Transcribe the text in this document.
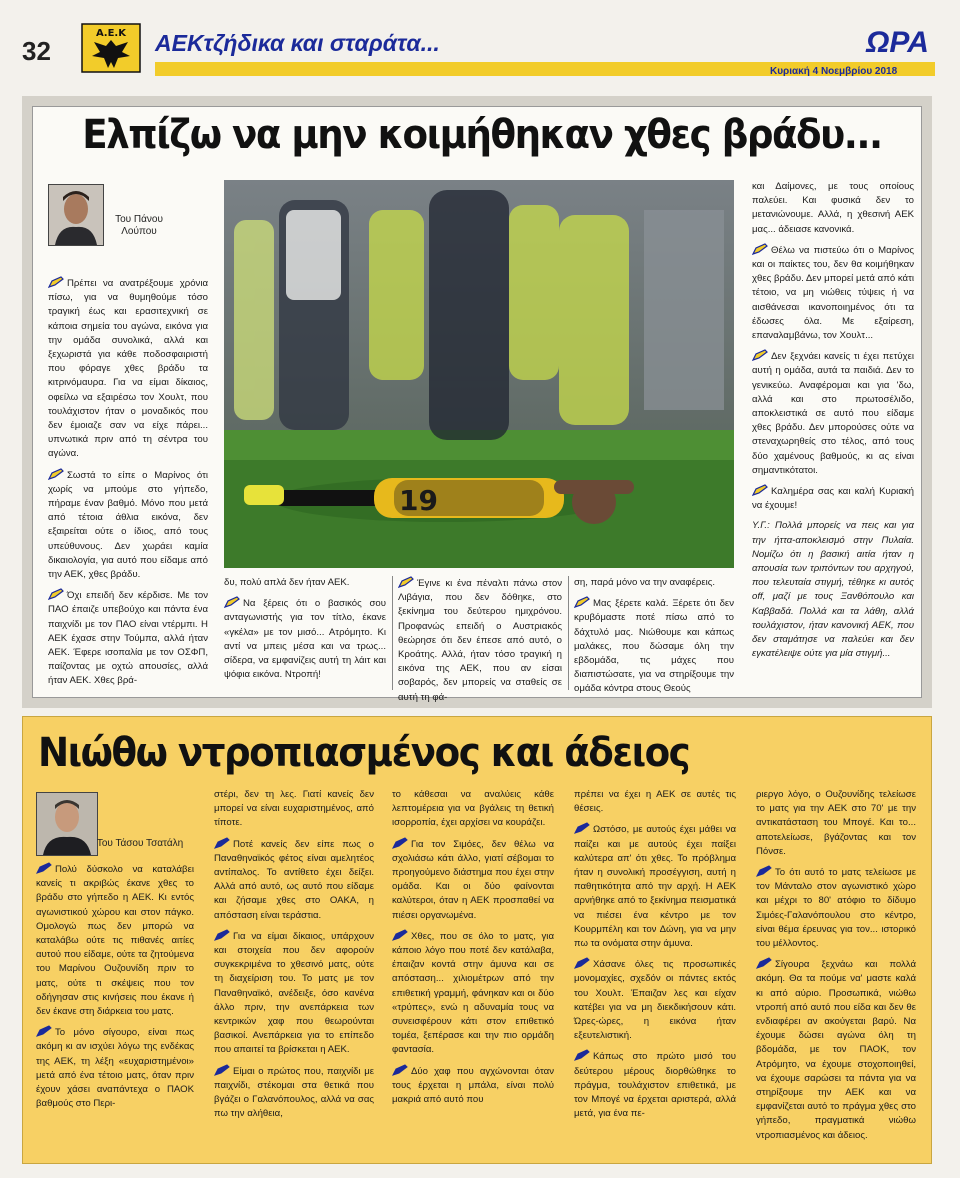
32
Α.Ε.Κ ΑΕΚτζήδικα και σταράτα...	ΩΡΑ
Κυριακή 4 Νοεμβρίου 2018
Ελπίζω να μην κοιμήθηκαν χθες βράδυ...
Του Πάνου Λούπου

Πρέπει να ανατρέξουμε χρόνια πίσω, για να θυμηθούμε τόσο τραγική έως και ερασιτεχνική σε κάποια σημεία του αγώνα, εικόνα για την ομάδα συνολικά, αλλά και ξεχωριστά για κάθε ποδοσφαιριστή που φόραγε χθες βράδυ τα κιτρινόμαυρα. Για να είμαι δίκαιος, οφείλω να εξαιρέσω τον Χουλτ, που τουλάχιστον ήταν ο μοναδικός που δεν έμοιαζε σαν να είχε πάρει... υπνωτικά πριν από τη σέντρα του αγώνα.

Σωστά το είπε ο Μαρίνος ότι χωρίς να μπούμε στο γήπεδο, πήραμε έναν βαθμό. Μόνο που μετά από τέτοια άθλια εικόνα, δεν εξαιρείται ούτε ο ίδιος, από τους υπεύθυνους. Δεν χωράει καμία δικαιολογία, για αυτό που είδαμε από την ΑΕΚ, χθες βράδυ.

Όχι επειδή δεν κέρδισε. Με τον ΠΑΟ έπαιζε υπεβούχο και πάντα ένα παιχνίδι με τον ΠΑΟ είναι ντέρμπι. Η ΑΕΚ έχασε στην Τούμπα, αλλά ήταν ΑΕΚ. Έφερε ισοπαλία με τον ΟΣΦΠ, παίζοντας με οχτώ απουσίες, αλλά ήταν ΑΕΚ. Χθες βρά-

19

δυ, πολύ απλά δεν ήταν ΑΕΚ.

Να ξέρεις ότι ο βασικός σου ανταγωνιστής για τον τίτλο, έκανε «γκέλα» με τον μισό... Ατρόμητο. Κι αντί να μπεις μέσα και να τρως... σίδερα, να εμφανίζεις αυτή τη λάιτ και ψόφια εικόνα. Ντροπή!

Έγινε κι ένα πέναλτι πάνω στον Λιβάγια, που δεν δόθηκε, στο ξεκίνημα του δεύτερου ημιχρόνου. Προφανώς επειδή ο Αυστριακός θεώρησε ότι δεν έπεσε από αυτό, ο Κροάτης. Αλλά, ήταν τόσο τραγική η εικόνα της ΑΕΚ, που αν είσαι σοβαρός, δεν μπορείς να σταθείς σε αυτή τη φά-

ση, παρά μόνο να την αναφέρεις.

Μας ξέρετε καλά. Ξέρετε ότι δεν κρυβόμαστε ποτέ πίσω από το δάχτυλό μας. Νιώθουμε και κάπως μαλάκες, που δώσαμε όλη την εβδομάδα, τις μάχες που διαπιστώσατε, για να στηρίξουμε την ομάδα κόντρα στους Θεούς

και Δαίμονες, με τους οποίους παλεύει. Και φυσικά δεν το μετανιώνουμε. Αλλά, η χθεσινή ΑΕΚ μας... άδειασε κανονικά.

Θέλω να πιστεύω ότι ο Μαρίνος και οι παίκτες του, δεν θα κοιμήθηκαν χθες βράδυ. Δεν μπορεί μετά από κάτι τέτοιο, να μη νιώθεις τύψεις ή να αισθάνεσαι ικανοποιημένος ότι τα έδωσες όλα. Με εξαίρεση, επαναλαμβάνω, τον Χουλτ...

Δεν ξεχνάει κανείς τι έχει πετύχει αυτή η ομάδα, αυτά τα παιδιά. Δεν το γενικεύω. Αναφέρομαι και για 'δω, αλλά και στο πρωτοσέλιδο, αποκλειστικά σε αυτό που είδαμε χθες βράδυ. Δεν μπορούσες ούτε να στεναχωρηθείς στο τέλος, από τους δύο χαμένους βαθμούς, κι ας είναι σημαντικότατοι.

Καλημέρα σας και καλή Κυριακή να έχουμε!

Υ.Γ.: Πολλά μπορείς να πεις και για την ήττα-αποκλεισμό στην Πυλαία. Νομίζω ότι η βασική αιτία ήταν η απουσία των τριπόντων του αρχηγού, που τελευταία στιγμή, τέθηκε κι αυτός off, μαζί με τους Ξανθόπουλο και Καββαδά. Πολλά και τα λάθη, αλλά τουλάχιστον, ήταν κανονική ΑΕΚ, που δεν σταμάτησε να παλεύει και δεν εγκατέλειψε ούτε για μία στιγμή...

Νιώθω ντροπιασμένος και άδειος
Του Τάσου Τσατάλη

Πολύ δύσκολο να καταλάβει κανείς τι ακριβώς έκανε χθες το βράδυ στο γήπεδο η ΑΕΚ. Κι εντός αγωνιστικού χώρου και στον πάγκο. Ομολογώ πως δεν μπορώ να καταλάβω ούτε τις πιθανές αιτίες αυτού που είδαμε, ούτε τα ζητούμενα του Μαρίνου Ουζουνίδη πριν το ματς, ούτε τι σκέψεις που τον οδήγησαν στις κινήσεις που έκανε ή δεν έκανε στη διάρκεια του ματς.

Το μόνο σίγουρο, είναι πως ακόμη κι αν ισχύει λόγω της ενδέκας της ΑΕΚ, τη λέξη «ευχαριστημένοι» μετά από ένα τέτοιο ματς, όταν πριν έχουν χάσει αναπάντεχα ο ΠΑΟΚ βαθμούς στο Περι-

στέρι, δεν τη λες. Γιατί κανείς δεν μπορεί να είναι ευχαριστημένος, από τίποτε.

Ποτέ κανείς δεν είπε πως ο Παναθηναϊκός φέτος είναι αμελητέος αντίπαλος. Το αντίθετο έχει δείξει. Αλλά από αυτό, ως αυτό που είδαμε και ζήσαμε χθες στο ΟΑΚΑ, η απόσταση είναι τεράστια.

Για να είμαι δίκαιος, υπάρχουν και στοιχεία που δεν αφορούν συγκεκριμένα το χθεσινό ματς, ούτε τη διαχείριση του. Το ματς με τον Παναθηναϊκό, ανέδειξε, όσο κανένα άλλο πριν, την ανεπάρκεια των κεντρικών χαφ που θεωρούνται βασικοί. Ανεπάρκεια για το επίπεδο που απαιτεί τα βρίσκεται η ΑΕΚ.

Είμαι ο πρώτος που, παιχνίδι με παιχνίδι, στέκομαι στα θετικά που βγάζει ο Γαλανόπουλος, αλλά να σας πω την αλήθεια,

το κάθεσαι να αναλύεις κάθε λεπτομέρεια για να βγάλεις τη θετική ισορροπία, έχει αρχίσει να κουράζει.

Για τον Σιμόες, δεν θέλω να σχολιάσω κάτι άλλο, γιατί σέβομαι το προηγούμενο διάστημα που έχει στην ομάδα. Και οι δύο φαίνονται καλύτεροι, όταν η ΑΕΚ προσπαθεί να πιέσει οργανωμένα.

Χθες, που σε όλο το ματς, για κάποιο λόγο που ποτέ δεν κατάλαβα, έπαιζαν κοντά στην άμυνα και σε απόσταση... χιλιομέτρων από την επιθετική γραμμή, φάνηκαν και οι δύο «τρύπες», ενώ η αδυναμία τους να συνεισφέρουν κάτι στον επιθετικό τομέα, ξεπέρασε και την πιο ορμάδη φαντασία.

Δύο χαφ που αγχώνονται όταν τους έρχεται η μπάλα, είναι πολύ μακριά από αυτό που

πρέπει να έχει η ΑΕΚ σε αυτές τις θέσεις.

Ωστόσο, με αυτούς έχει μάθει να παίζει και με αυτούς έχει παίξει καλύτερα απ' ότι χθες. Το πρόβλημα ήταν η συνολική προσέγγιση, αυτή η παθητικότητα από την αρχή. Η ΑΕΚ αρνήθηκε από το ξεκίνημα πεισματικά να πιέσει ένα κέντρο με τον Κουρμπέλη και τον Δώνη, για να μην πω τα ονόματα στην άμυνα.

Χάσανε όλες τις προσωπικές μονομαχίες, σχεδόν οι πάντες εκτός του Χουλτ. Έπαιζαν λες και είχαν κατέβει για να μη διεκδικήσουν κάτι. Ώρες-ώρες, η εικόνα ήταν εξευτελιστική.

Κάπως στο πρώτο μισό του δεύτερου μέρους διορθώθηκε το πράγμα, τουλάχιστον επιθετικά, με τον Μπογέ να έρχεται αριστερά, αλλά μετά, για ένα πε-

ριεργο λόγο, ο Ουζουνίδης τελείωσε το ματς για την ΑΕΚ στο 70' με την αντικατάσταση του Μπογέ. Και το... αποτελείωσε, βγάζοντας και τον Πόνσε.

Το ότι αυτό το ματς τελείωσε με τον Μάνταλο στον αγωνιστικό χώρο και μέχρι το 80' ατόφιο το δίδυμο Σιμόες-Γαλανόπουλου στο κέντρο, είναι θέμα έρευνας για τον... ιστορικό του μέλλοντος.

Σίγουρα ξεχνάω και πολλά ακόμη. Θα τα πούμε να' μαστε καλά κι από αύριο. Προσωπικά, νιώθω ντροπή από αυτό που είδα και δεν θε ενδιαφέρει αν ακούγεται βαρύ. Να έχουμε δώσει αγώνα όλη τη βδομάδα, με τον ΠΑΟΚ, τον Ατρόμητο, να έχουμε στοχοποιηθεί, να έχουμε σαρώσει τα πάντα για να στηρίξουμε την ΑΕΚ και να εμφανίζεται αυτό το πράγμα χθες στο γήπεδο, πραγματικά νιώθω ντροπιασμένος και άδειος.
